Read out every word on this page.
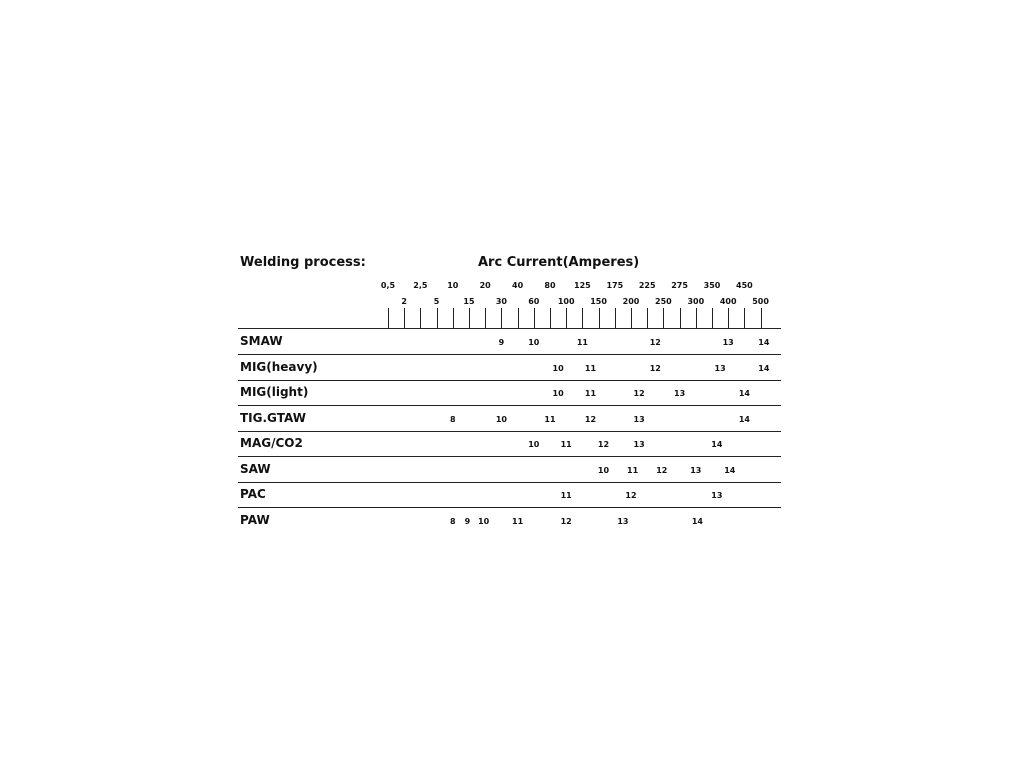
Welding process:	Arc Current(Amperes)
0,5 2,5 10	20	40	80 125 175 225 275 350 450
2	5	15	30	60 100 150 200 250 300 400 500
SMAW	9	10	11	12	13	14
MIG(heavy)	10	11	12	13	14
MIG(light)	10	11	12	13	14
TIG.GTAW	8	10	11	12	13	14
MAG/CO2	10	11	12	13	14
SAW	10 11 12	13	14
PAC	11	12	13
PAW	8 9 10	11	12	13	14
